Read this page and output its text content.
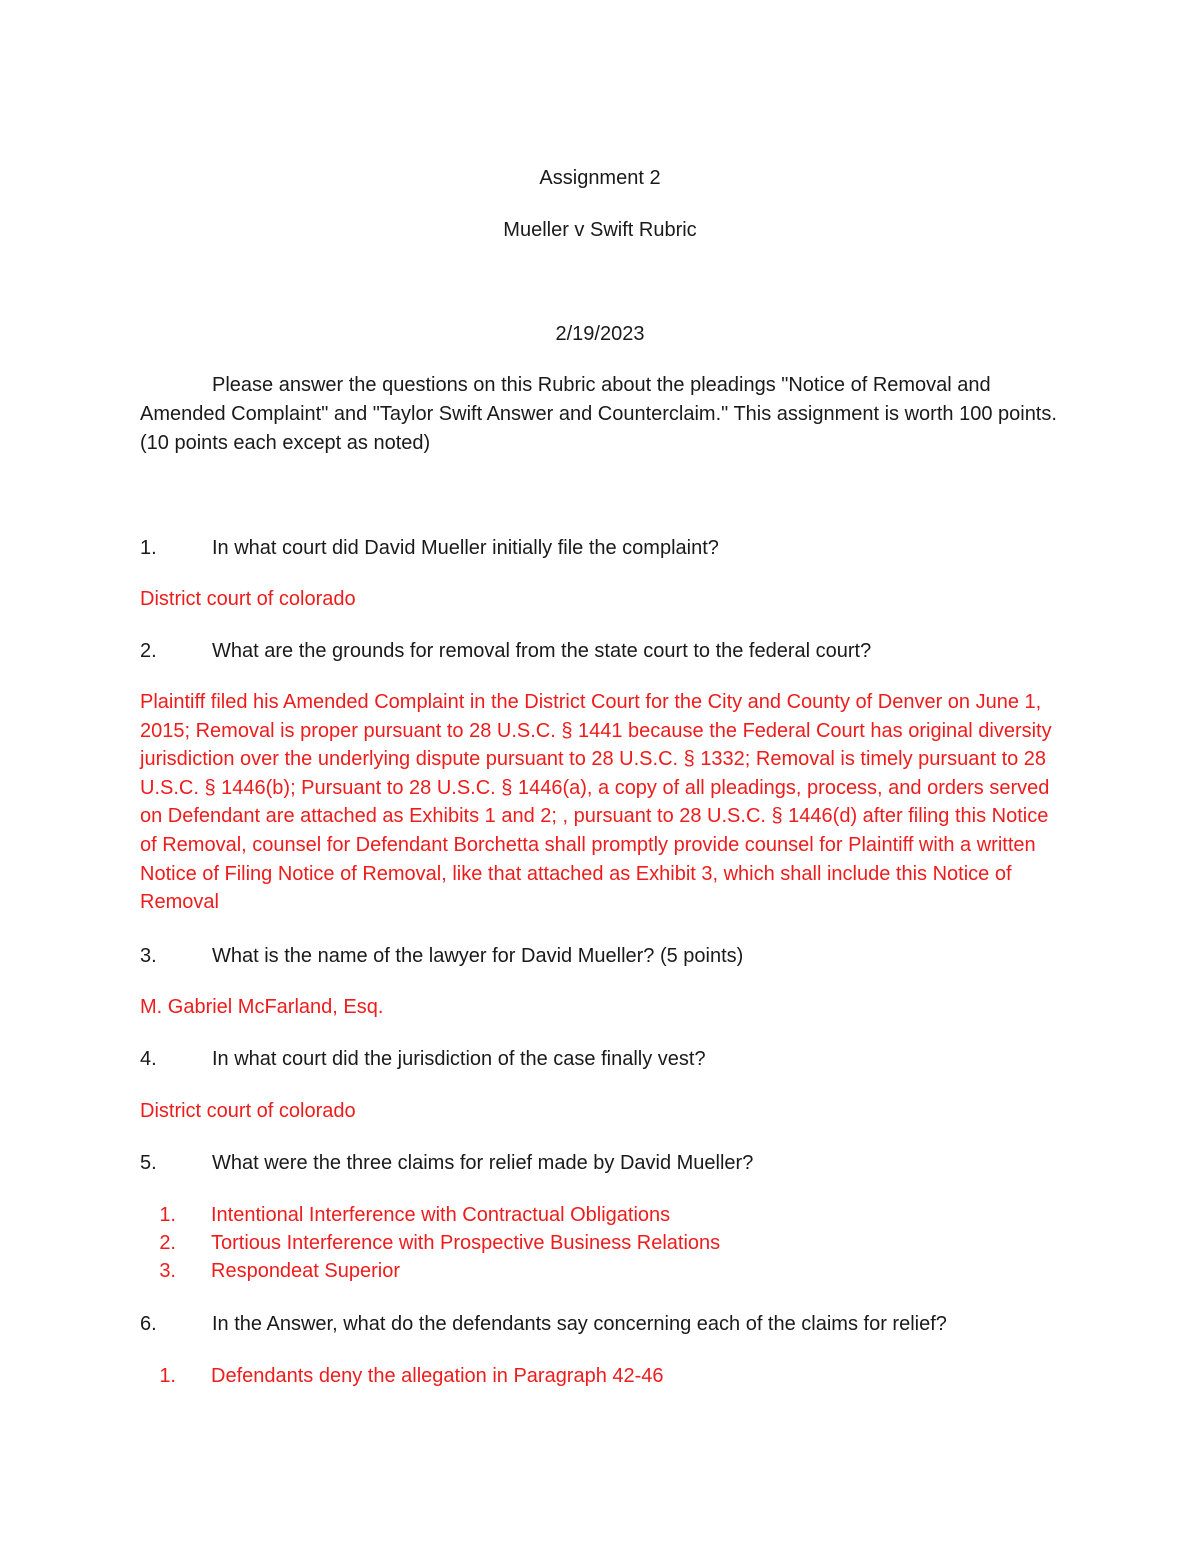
Assignment 2
Mueller v Swift Rubric
2/19/2023
Please answer the questions on this Rubric about the pleadings "Notice of Removal and Amended Complaint" and "Taylor Swift Answer and Counterclaim." This assignment is worth 100 points. (10 points each except as noted)
1.	In what court did David Mueller initially file the complaint?
District court of colorado
2.	What are the grounds for removal from the state court to the federal court?
Plaintiff filed his Amended Complaint in the District Court for the City and County of Denver on June 1, 2015; Removal is proper pursuant to 28 U.S.C. § 1441 because the Federal Court has original diversity jurisdiction over the underlying dispute pursuant to 28 U.S.C. § 1332; Removal is timely pursuant to 28 U.S.C. § 1446(b); Pursuant to 28 U.S.C. § 1446(a), a copy of all pleadings, process, and orders served on Defendant are attached as Exhibits 1 and 2; , pursuant to 28 U.S.C. § 1446(d) after filing this Notice of Removal, counsel for Defendant Borchetta shall promptly provide counsel for Plaintiff with a written Notice of Filing Notice of Removal, like that attached as Exhibit 3, which shall include this Notice of Removal
3.	What is the name of the lawyer for David Mueller? (5 points)
M. Gabriel McFarland, Esq.
4.	In what court did the jurisdiction of the case finally vest?
District court of colorado
5.	What were the three claims for relief made by David Mueller?
1. Intentional Interference with Contractual Obligations
2. Tortious Interference with Prospective Business Relations
3. Respondeat Superior
6.	In the Answer, what do the defendants say concerning each of the claims for relief?
1. Defendants deny the allegation in Paragraph 42-46
